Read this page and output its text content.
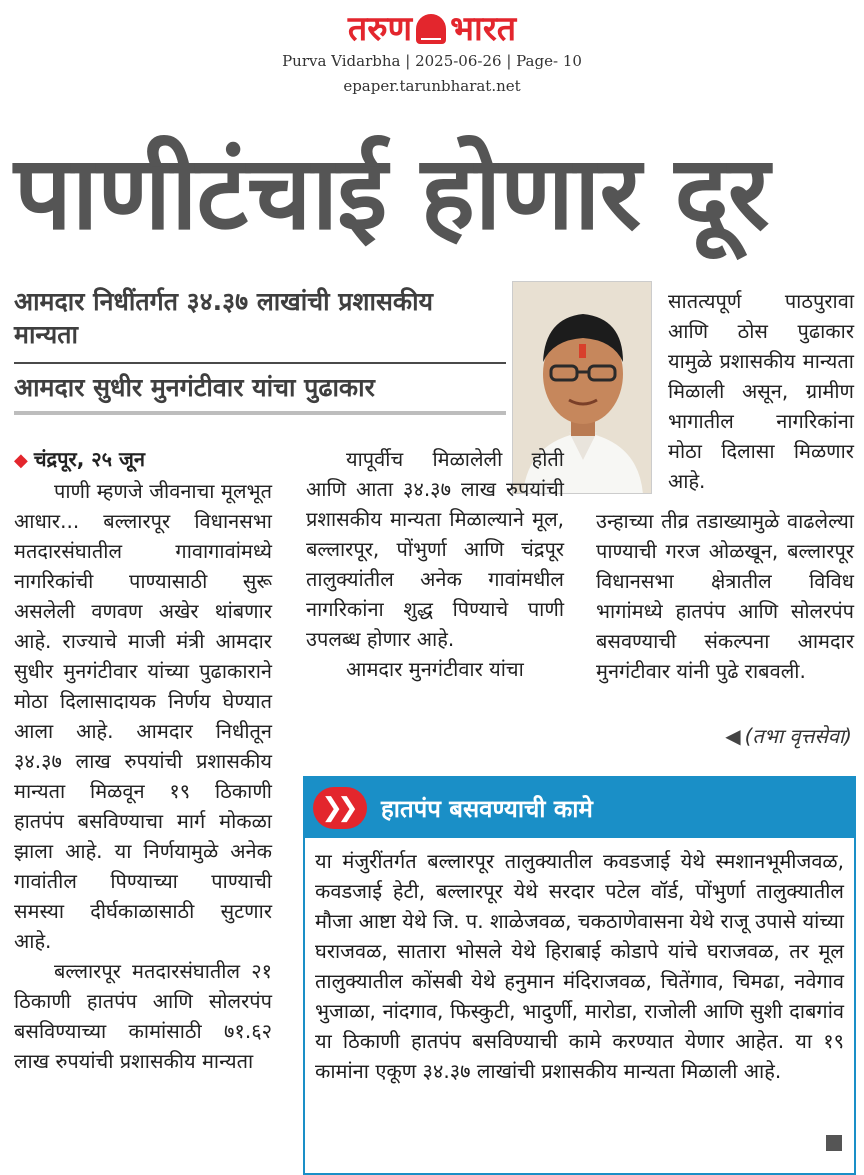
तरुण भारत
Purva Vidarbha | 2025-06-26 | Page- 10
epaper.tarunbharat.net
पाणीटंचाई होणार दूर
आमदार निधींतर्गत ३४.३७ लाखांची प्रशासकीय मान्यता
आमदार सुधीर मुनगंटीवार यांचा पुढाकार

◆ चंद्रपूर, २५ जून

पाणी म्हणजे जीवनाचा मूलभूत आधार... बल्लारपूर विधानसभा मतदारसंघातील गावागावांमध्ये नागरिकांची पाण्यासाठी सुरू असलेली वणवण अखेर थांबणार आहे. राज्याचे माजी मंत्री आमदार सुधीर मुनगंटीवार यांच्या पुढाकाराने मोठा दिलासादायक निर्णय घेण्यात आला आहे. आमदार निधीतून ३४.३७ लाख रुपयांची प्रशासकीय मान्यता मिळवून १९ ठिकाणी हातपंप बसविण्याचा मार्ग मोकळा झाला आहे. या निर्णयामुळे अनेक गावांतील पिण्याच्या पाण्याची समस्या दीर्घकाळासाठी सुटणार आहे.

बल्लारपूर मतदारसंघातील २१ ठिकाणी हातपंप आणि सोलरपंप बसविण्याच्या कामांसाठी ७१.६२ लाख रुपयांची प्रशासकीय मान्यता

यापूर्वीच मिळालेली होती आणि आता ३४.३७ लाख रुपयांची प्रशासकीय मान्यता मिळाल्याने मूल, बल्लारपूर, पोंभुर्णा आणि चंद्रपूर तालुक्यांतील अनेक गावांमधील नागरिकांना शुद्ध पिण्याचे पाणी उपलब्ध होणार आहे.

आमदार मुनगंटीवार यांचा

सातत्यपूर्ण पाठपुरावा आणि ठोस पुढाकार यामुळे प्रशासकीय मान्यता मिळाली असून, ग्रामीण भागातील नागरिकांना मोठा दिलासा मिळणार आहे.

उन्हाच्या तीव्र तडाख्यामुळे वाढलेल्या पाण्याची गरज ओळखून, बल्लारपूर विधानसभा क्षेत्रातील विविध भागांमध्ये हातपंप आणि सोलरपंप बसवण्याची संकल्पना आमदार मुनगंटीवार यांनी पुढे राबवली.

◀ (तभा वृत्तसेवा)
❯❯	हातपंप बसवण्याची कामे
या मंजुरींतर्गत बल्लारपूर तालुक्यातील कवडजाई येथे स्मशानभूमीजवळ, कवडजाई हेटी, बल्लारपूर येथे सरदार पटेल वॉर्ड, पोंभुर्णा तालुक्यातील मौजा आष्टा येथे जि. प. शाळेजवळ, चकठाणेवासना येथे राजू उपासे यांच्या घराजवळ, सातारा भोसले येथे हिराबाई कोडापे यांचे घराजवळ, तर मूल तालुक्यातील कोंसबी येथे हनुमान मंदिराजवळ, चितेंगाव, चिमढा, नवेगाव भुजाळा, नांदगाव, फिस्कुटी, भादुर्णी, मारोडा, राजोली आणि सुशी दाबगांव या ठिकाणी हातपंप बसविण्याची कामे करण्यात येणार आहेत. या १९ कामांना एकूण ३४.३७ लाखांची प्रशासकीय मान्यता मिळाली आहे.
